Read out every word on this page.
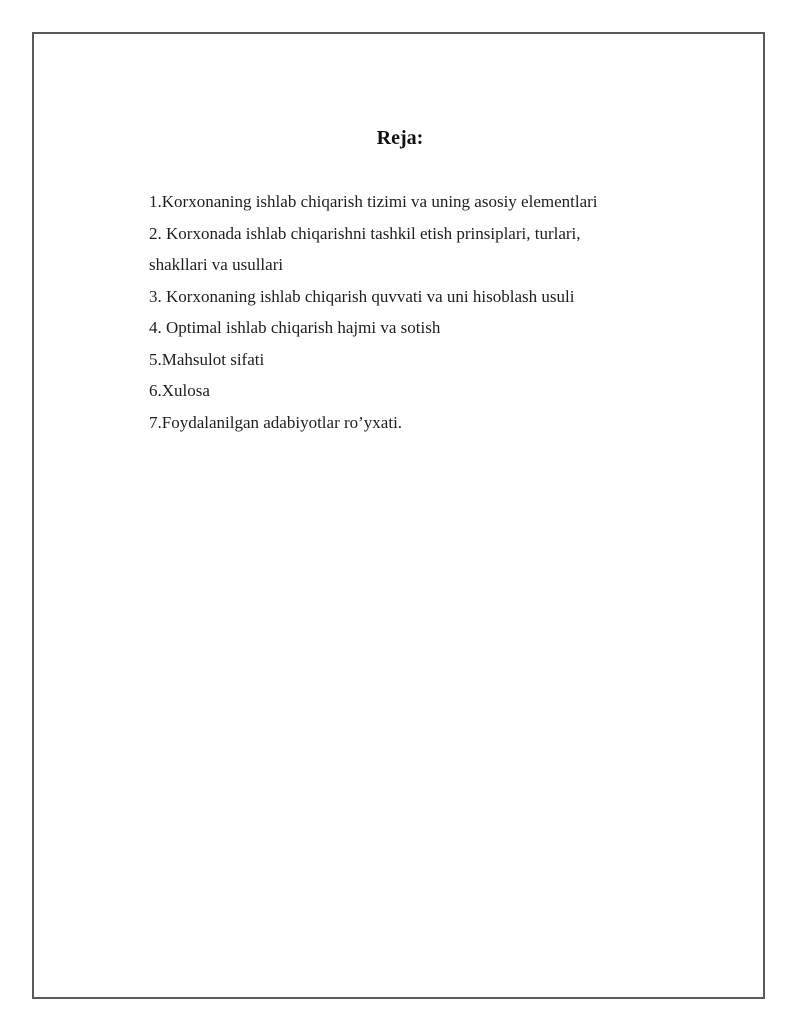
Reja:
1.Korxonaning ishlab chiqarish tizimi va uning asosiy elementlari
2. Korxonada ishlab chiqarishni tashkil etish prinsiplari, turlari,
shakllari va usullari
3. Korxonaning ishlab chiqarish quvvati va uni hisoblash usuli
4. Optimal ishlab chiqarish hajmi va sotish
5.Mahsulot sifati
6.Xulosa
7.Foydalanilgan adabiyotlar ro’yxati.
